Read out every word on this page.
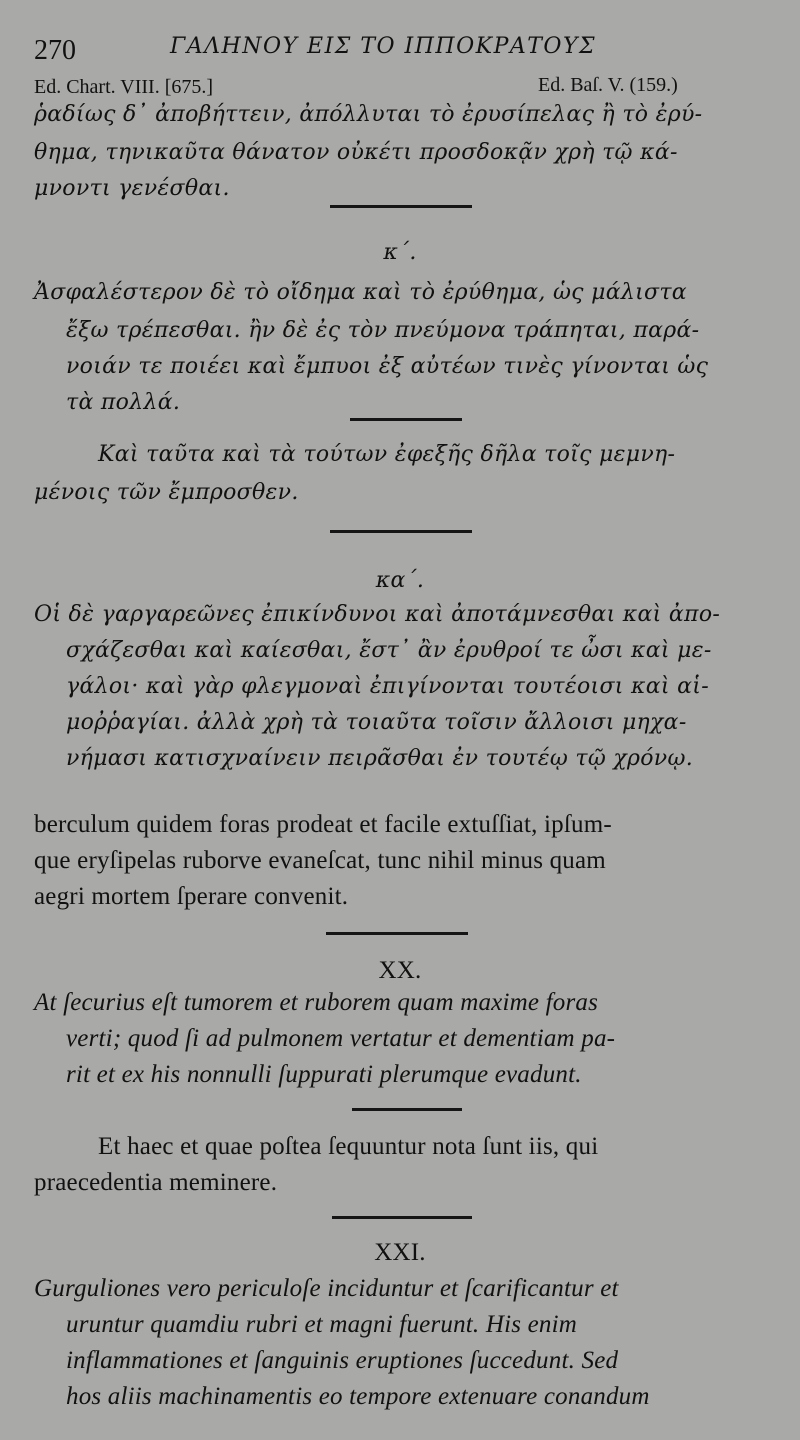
270	ΓΑΛΗΝΟΥ ΕΙΣ ΤΟ ΙΠΠΟΚΡΑΤΟΥΣ
Ed. Chart. VIII. [675.]	Ed. Baſ. V. (159.)
ῥαδίως δ᾽ ἀποβήττειν, ἀπόλλυται τὸ ἐρυσίπελας ἢ τὸ ἐρύ-
θημα, τηνικαῦτα θάνατον οὐκέτι προσδοκᾷν χρὴ τῷ κά-
μνοντι γενέσθαι.
κ΄.
Ἀσφαλέστερον δὲ τὸ οἴδημα καὶ τὸ ἐρύθημα, ὡς μάλιστα
ἔξω τρέπεσθαι. ἢν δὲ ἐς τὸν πνεύμονα τράπηται, παρά-
νοιάν τε ποιέει καὶ ἔμπυοι ἐξ αὐτέων τινὲς γίνονται ὡς
τὰ πολλά.
Καὶ ταῦτα καὶ τὰ τούτων ἐφεξῆς δῆλα τοῖς μεμνη-
μένοις τῶν ἔμπροσθεν.
κα΄.
Οἱ δὲ γαργαρεῶνες ἐπικίνδυνοι καὶ ἀποτάμνεσθαι καὶ ἀπο-
σχάζεσθαι καὶ καίεσθαι, ἔστ᾽ ἂν ἐρυθροί τε ὦσι καὶ με-
γάλοι· καὶ γὰρ φλεγμοναὶ ἐπιγίνονται τουτέοισι καὶ αἱ-
μοῤῥαγίαι. ἀλλὰ χρὴ τὰ τοιαῦτα τοῖσιν ἄλλοισι μηχα-
νήμασι κατισχναίνειν πειρᾶσθαι ἐν τουτέῳ τῷ χρόνῳ.
berculum quidem foras prodeat et facile extuſſiat, ipſum-
que eryſipelas ruborve evaneſcat, tunc nihil minus quam
aegri mortem ſperare convenit.
XX.
At ſecurius eſt tumorem et ruborem quam maxime foras
verti; quod ſi ad pulmonem vertatur et dementiam pa-
rit et ex his nonnulli ſuppurati plerumque evadunt.
Et haec et quae poſtea ſequuntur nota ſunt iis, qui
praecedentia meminere.
XXI.
Gurguliones vero periculoſe inciduntur et ſcarificantur et
uruntur quamdiu rubri et magni fuerunt. His enim
inflammationes et ſanguinis eruptiones ſuccedunt. Sed
hos aliis machinamentis eo tempore extenuare conandum
